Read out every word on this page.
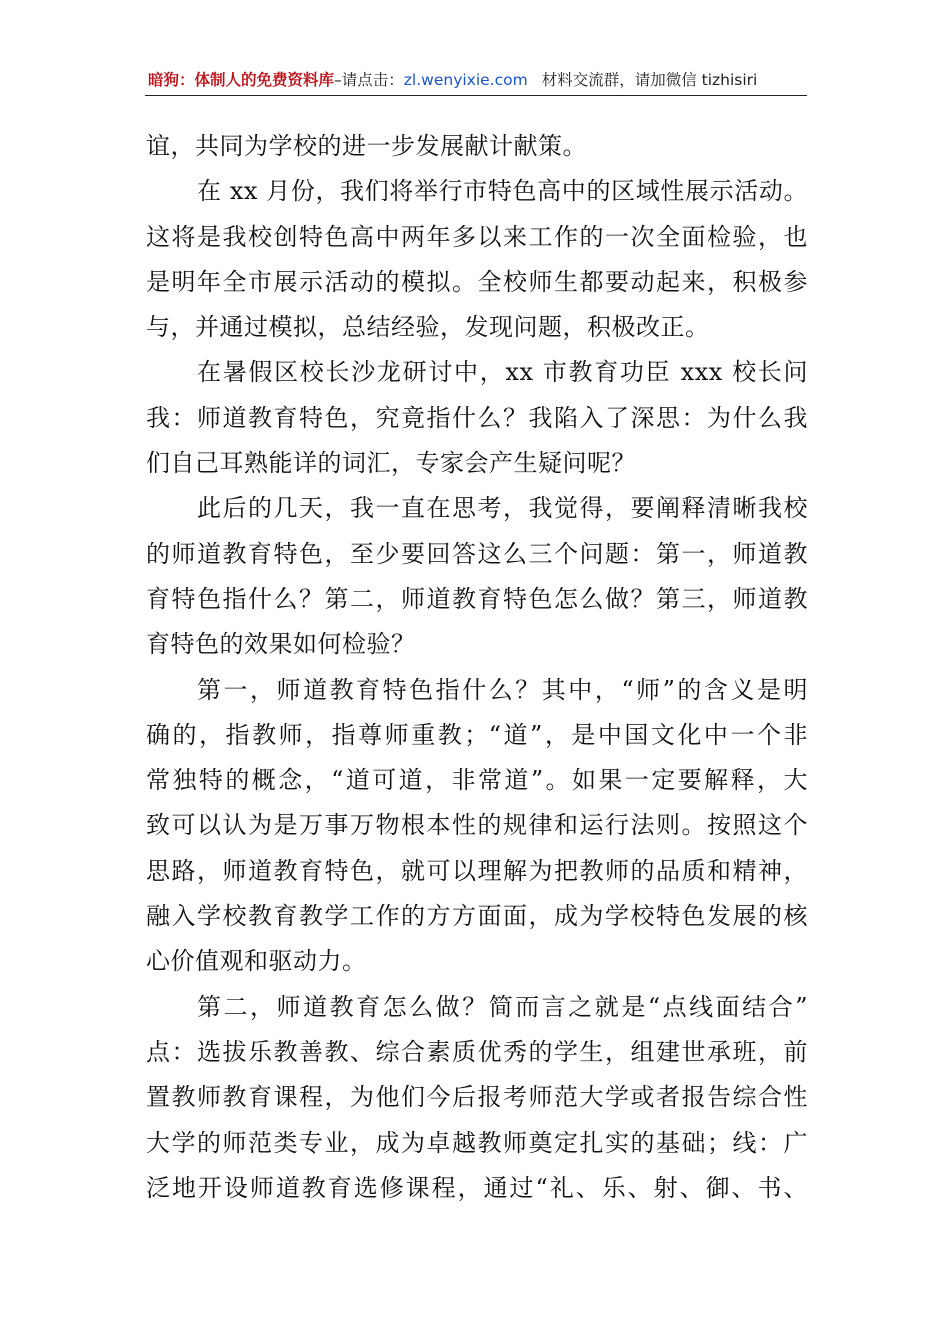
暗狗：体制人的免费资料库–请点击：zl.wenyixie.com 材料交流群，请加微信 tizhisiri
谊，共同为学校的进一步发展献计献策。
在 xx 月份，我们将举行市特色高中的区域性展示活动。
这将是我校创特色高中两年多以来工作的一次全面检验，也
是明年全市展示活动的模拟。全校师生都要动起来，积极参
与，并通过模拟，总结经验，发现问题，积极改正。
在暑假区校长沙龙研讨中，xx 市教育功臣 xxx 校长问
我：师道教育特色，究竟指什么？我陷入了深思：为什么我
们自己耳熟能详的词汇，专家会产生疑问呢？
此后的几天，我一直在思考，我觉得，要阐释清晰我校
的师道教育特色，至少要回答这么三个问题：第一，师道教
育特色指什么？第二，师道教育特色怎么做？第三，师道教
育特色的效果如何检验？
第一，师道教育特色指什么？其中，“师”的含义是明
确的，指教师，指尊师重教；“道”，是中国文化中一个非
常独特的概念，“道可道，非常道”。如果一定要解释，大
致可以认为是万事万物根本性的规律和运行法则。按照这个
思路，师道教育特色，就可以理解为把教师的品质和精神，
融入学校教育教学工作的方方面面，成为学校特色发展的核
心价值观和驱动力。
第二，师道教育怎么做？简而言之就是“点线面结合”
点：选拔乐教善教、综合素质优秀的学生，组建世承班，前
置教师教育课程，为他们今后报考师范大学或者报告综合性
大学的师范类专业，成为卓越教师奠定扎实的基础；线：广
泛地开设师道教育选修课程，通过“礼、乐、射、御、书、
